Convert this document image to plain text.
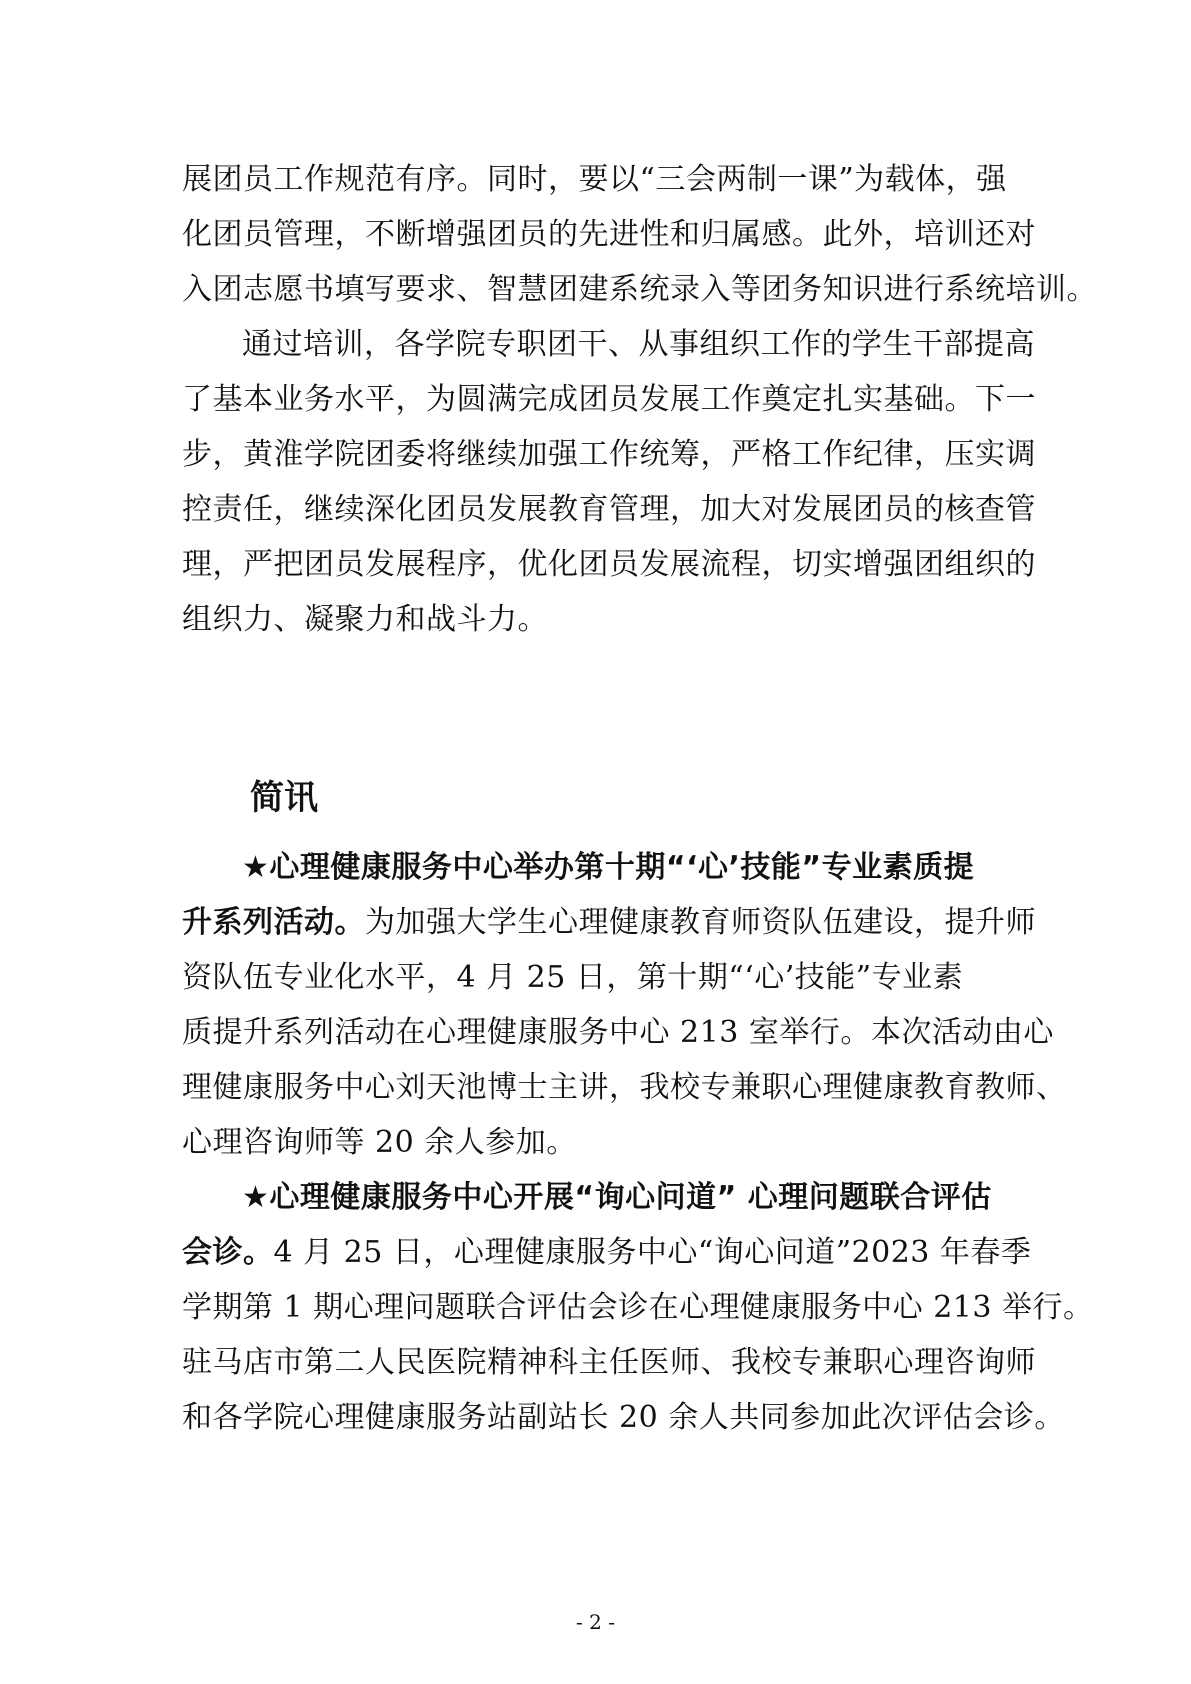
展团员工作规范有序。同时，要以“三会两制一课”为载体，强
化团员管理，不断增强团员的先进性和归属感。此外，培训还对
入团志愿书填写要求、智慧团建系统录入等团务知识进行系统培训。
通过培训，各学院专职团干、从事组织工作的学生干部提高
了基本业务水平，为圆满完成团员发展工作奠定扎实基础。下一
步，黄淮学院团委将继续加强工作统筹，严格工作纪律，压实调
控责任，继续深化团员发展教育管理，加大对发展团员的核查管
理，严把团员发展程序，优化团员发展流程，切实增强团组织的
组织力、凝聚力和战斗力。
简讯
★心理健康服务中心举办第十期“‘心’技能”专业素质提
升系列活动。为加强大学生心理健康教育师资队伍建设，提升师
资队伍专业化水平，4 月 25 日，第十期“‘心’技能”专业素
质提升系列活动在心理健康服务中心 213 室举行。本次活动由心
理健康服务中心刘天池博士主讲，我校专兼职心理健康教育教师、
心理咨询师等 20 余人参加。
★心理健康服务中心开展“询心问道” 心理问题联合评估
会诊。4 月 25 日，心理健康服务中心“询心问道”2023 年春季
学期第 1 期心理问题联合评估会诊在心理健康服务中心 213 举行。
驻马店市第二人民医院精神科主任医师、我校专兼职心理咨询师
和各学院心理健康服务站副站长 20 余人共同参加此次评估会诊。
- 2 -
